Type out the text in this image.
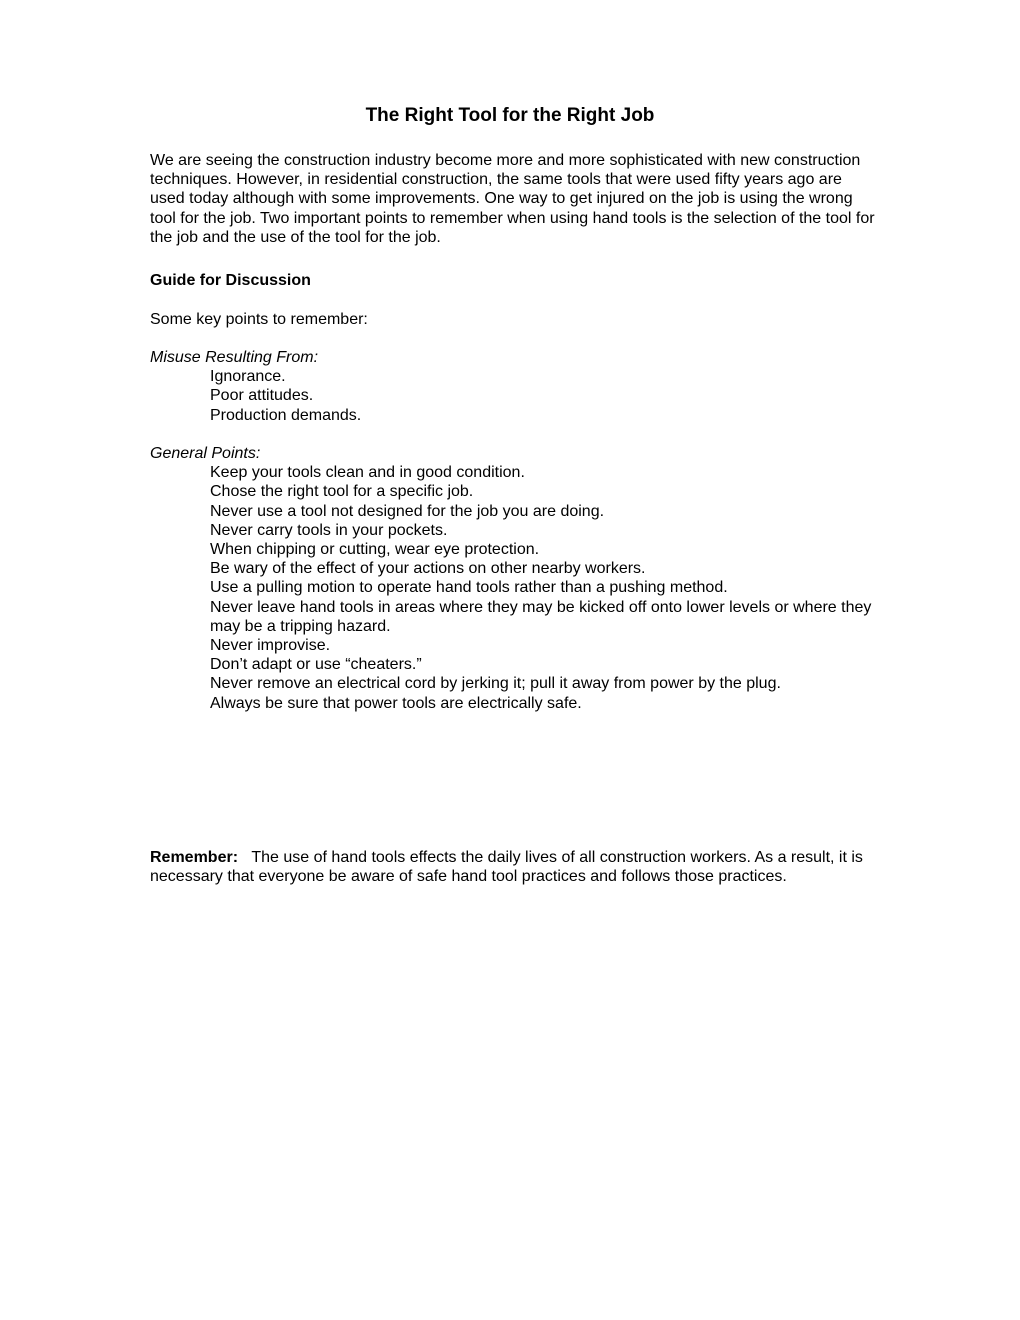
The Right Tool for the Right Job

We are seeing the construction industry become more and more sophisticated with new construction techniques. However, in residential construction, the same tools that were used fifty years ago are used today although with some improvements. One way to get injured on the job is using the wrong tool for the job. Two important points to remember when using hand tools is the selection of the tool for the job and the use of the tool for the job.

Guide for Discussion

Some key points to remember:

Misuse Resulting From:
Ignorance.
Poor attitudes.
Production demands.
General Points:
Keep your tools clean and in good condition.
Chose the right tool for a specific job.
Never use a tool not designed for the job you are doing.
Never carry tools in your pockets.
When chipping or cutting, wear eye protection.
Be wary of the effect of your actions on other nearby workers.
Use a pulling motion to operate hand tools rather than a pushing method.
Never leave hand tools in areas where they may be kicked off onto lower levels or where they may be a tripping hazard.
Never improvise.
Don’t adapt or use “cheaters.”
Never remove an electrical cord by jerking it; pull it away from power by the plug.
Always be sure that power tools are electrically safe.

Remember: The use of hand tools effects the daily lives of all construction workers. As a result, it is necessary that everyone be aware of safe hand tool practices and follows those practices.
